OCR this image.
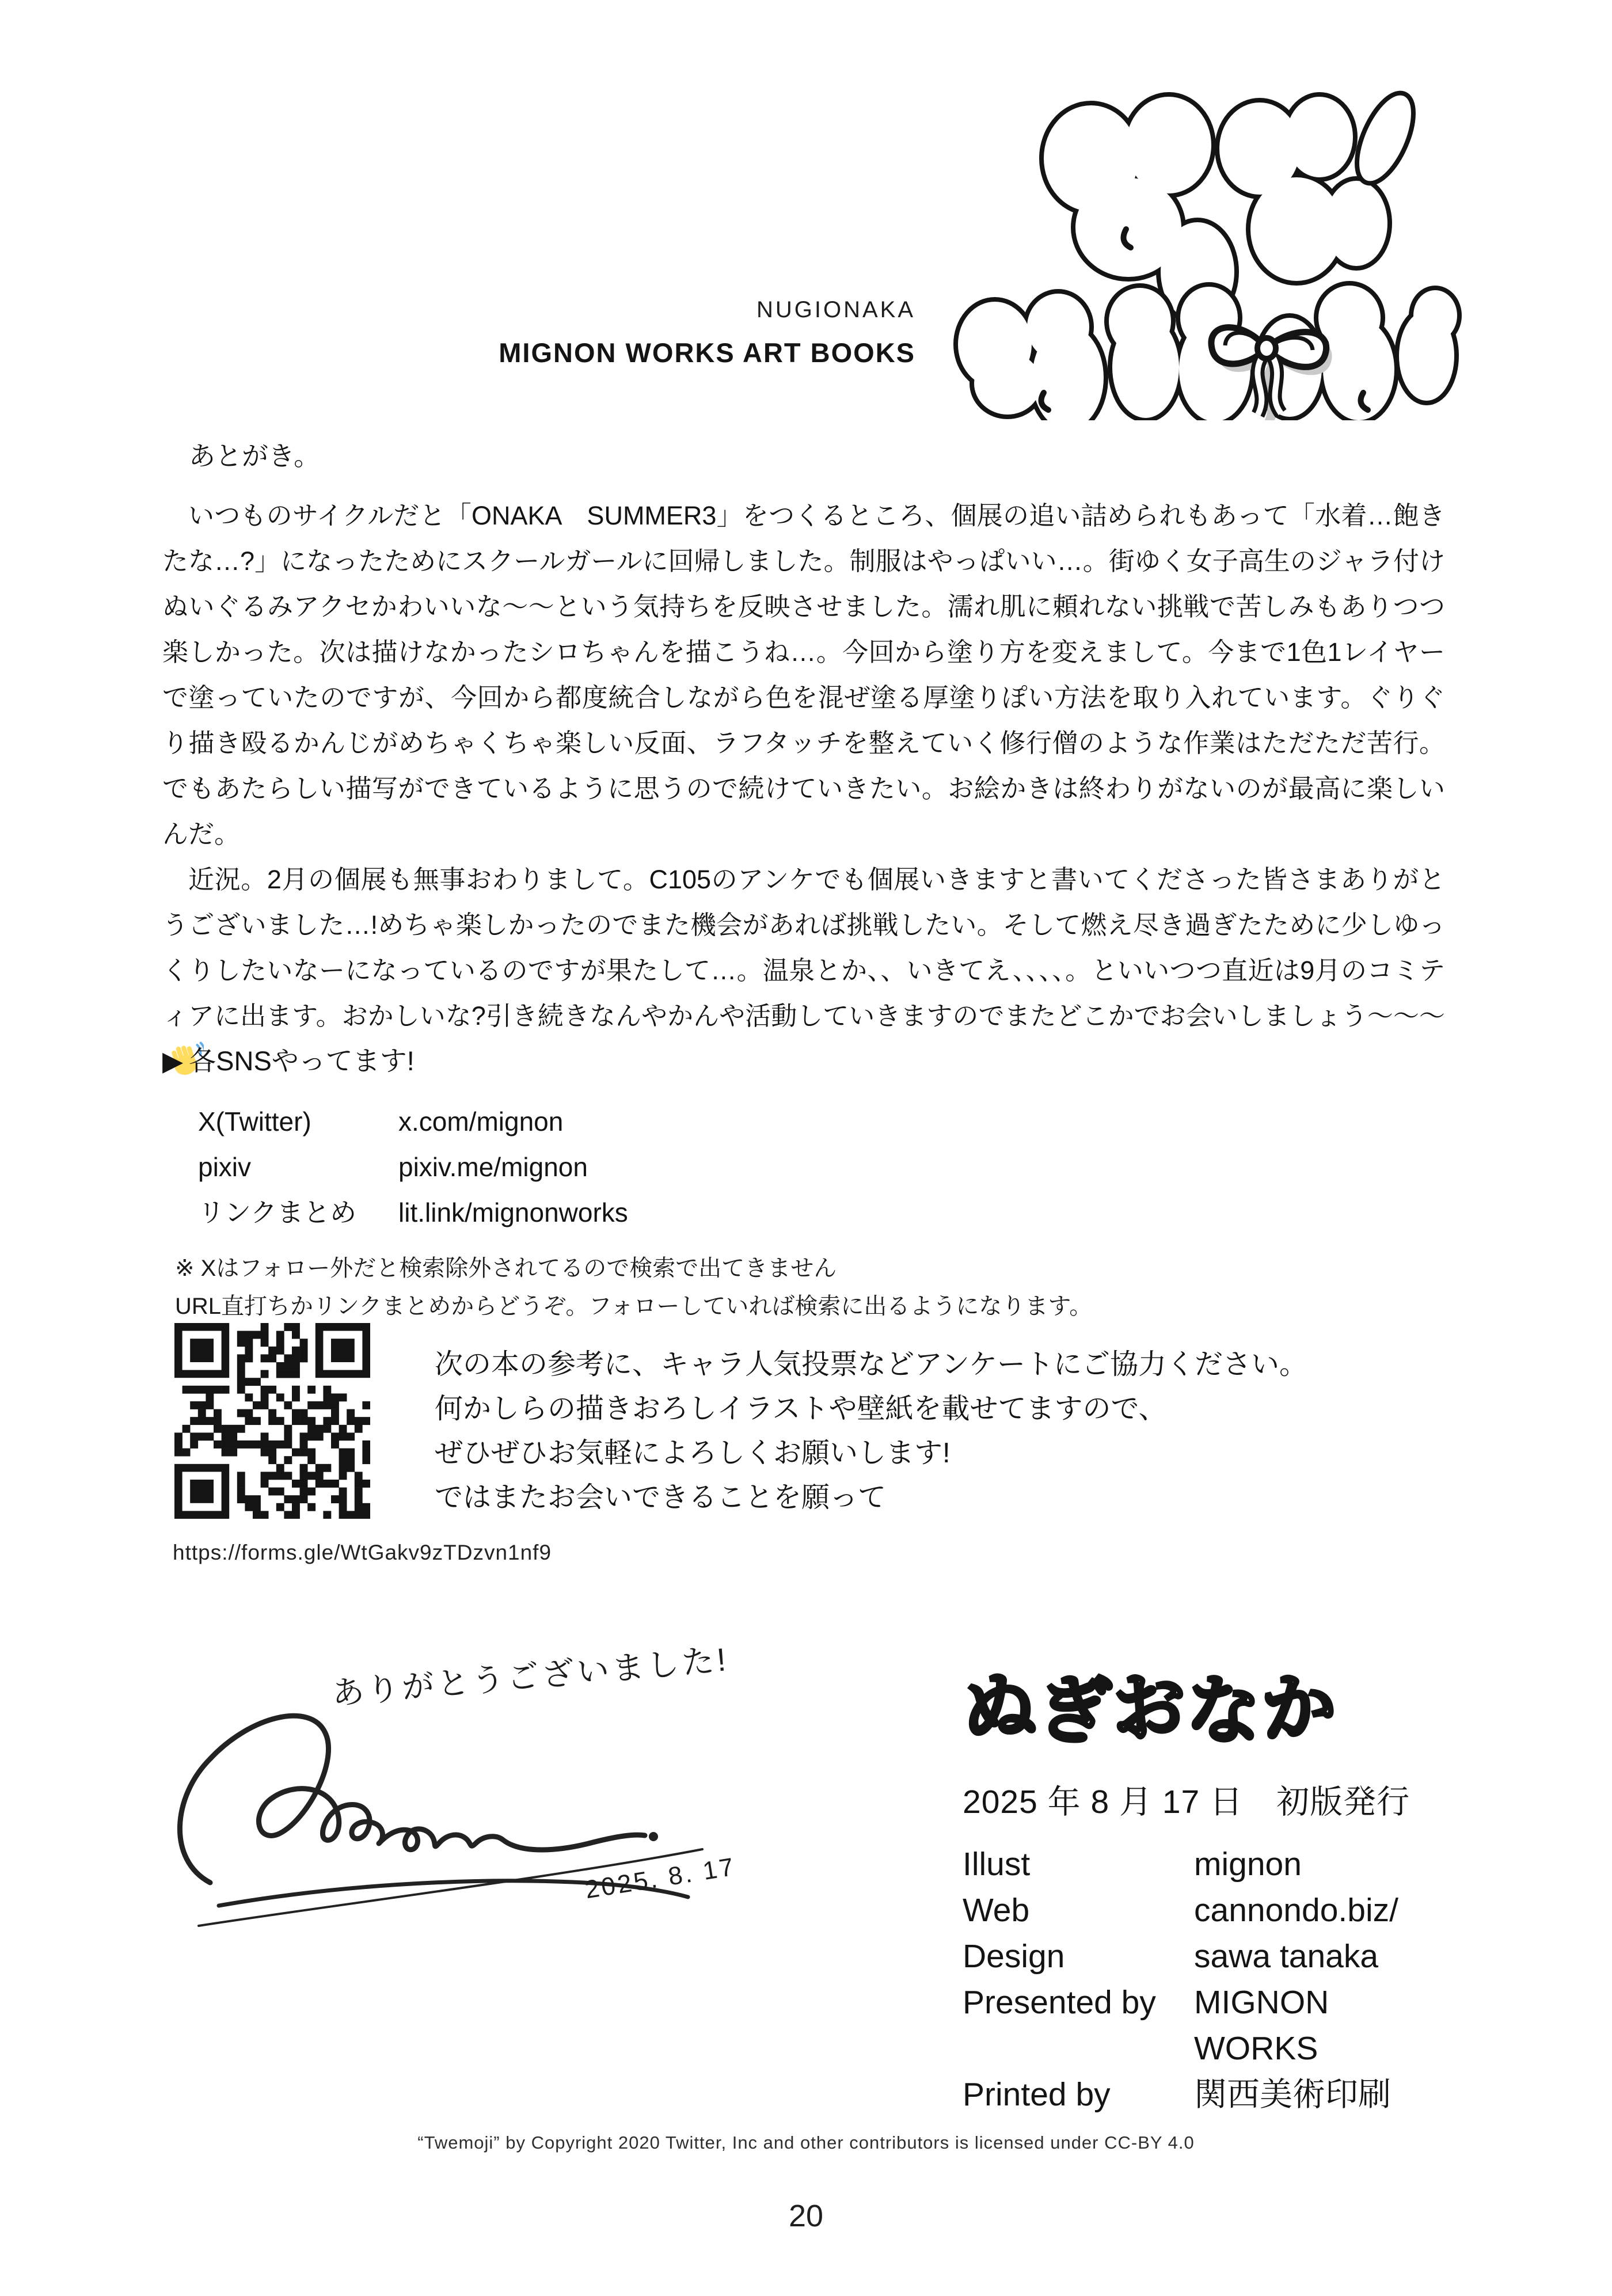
NUGIONAKA
MIGNON WORKS ART BOOKS
あとがき。

いつものサイクルだと「ONAKA　SUMMER3」をつくるところ、個展の追い詰められもあって「水着…飽きたな…?」になったためにスクールガールに回帰しました。制服はやっぱいい…。街ゆく女子高生のジャラ付けぬいぐるみアクセかわいいな〜〜という気持ちを反映させました。濡れ肌に頼れない挑戦で苦しみもありつつ楽しかった。次は描けなかったシロちゃんを描こうね…。今回から塗り方を変えまして。今まで1色1レイヤーで塗っていたのですが、今回から都度統合しながら色を混ぜ塗る厚塗りぽい方法を取り入れています。ぐりぐり描き殴るかんじがめちゃくちゃ楽しい反面、ラフタッチを整えていく修行僧のような作業はただただ苦行。でもあたらしい描写ができているように思うので続けていきたい。お絵かきは終わりがないのが最高に楽しいんだ。

近況。2月の個展も無事おわりまして。C105のアンケでも個展いきますと書いてくださった皆さまありがとうございました…!めちゃ楽しかったのでまた機会があれば挑戦したい。そして燃え尽き過ぎたために少しゆっくりしたいなーになっているのですが果たして…。温泉とか、、いきてえ、、、、。といいつつ直近は9月のコミティアに出ます。おかしいな?引き続きなんやかんや活動していきますのでまたどこかでお会いしましょう〜〜〜

▶ 各SNSやってます!
X(Twitter)	x.com/mignon
pixiv	pixiv.me/mignon
リンクまとめ	lit.link/mignonworks
※ Xはフォロー外だと検索除外されてるので検索で出てきません
URL直打ちかリンクまとめからどうぞ。フォローしていれば検索に出るようになります。
次の本の参考に、キャラ人気投票などアンケートにご協力ください。
何かしらの描きおろしイラストや壁紙を載せてますので、
ぜひぜひお気軽によろしくお願いします!
ではまたお会いできることを願って
https://forms.gle/WtGakv9zTDzvn1nf9
ありがとうございました!
2025. 8. 17
ぬぎおなか
2025 年 8 月 17 日　初版発行
Illust	mignon
Web	cannondo.biz/
Design	sawa tanaka
Presented by	MIGNON WORKS
Printed by	関西美術印刷
“Twemoji” by Copyright 2020 Twitter, Inc and other contributors is licensed under CC-BY 4.0
20
